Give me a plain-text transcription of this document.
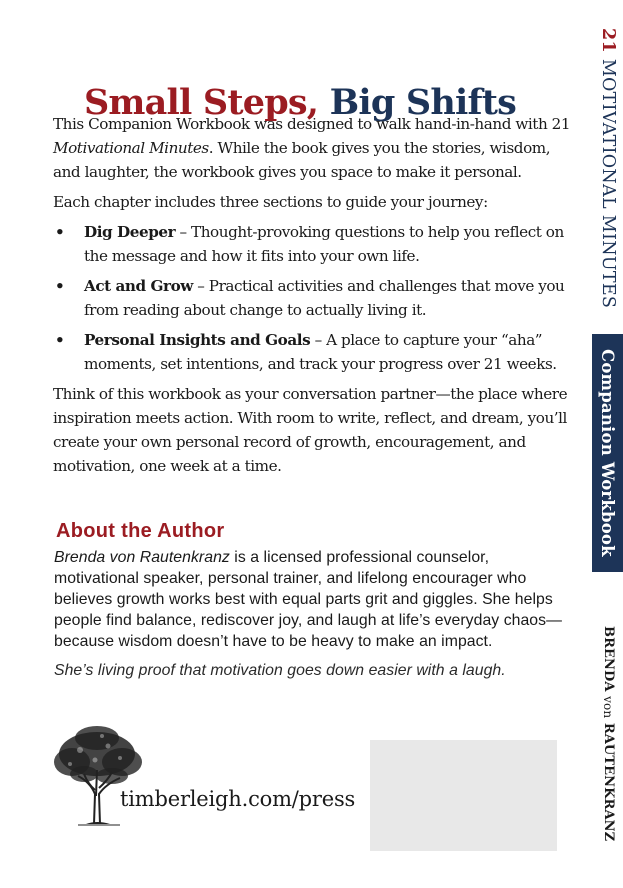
Small Steps, Big Shifts

This Companion Workbook was designed to walk hand-in-hand with 21 Motivational Minutes. While the book gives you the stories, wisdom, and laughter, the workbook gives you space to make it personal.

Each chapter includes three sections to guide your journey:

• Dig Deeper – Thought-provoking questions to help you reflect on the message and how it fits into your own life.
• Act and Grow – Practical activities and challenges that move you from reading about change to actually living it.
• Personal Insights and Goals – A place to capture your “aha” moments, set intentions, and track your progress over 21 weeks.

Think of this workbook as your conversation partner—the place where inspiration meets action. With room to write, reflect, and dream, you’ll create your own personal record of growth, encouragement, and motivation, one week at a time.

About the Author

Brenda von Rautenkranz is a licensed professional counselor, motivational speaker, personal trainer, and lifelong encourager who believes growth works best with equal parts grit and giggles. She helps people find balance, rediscover joy, and laugh at life’s everyday chaos—because wisdom doesn’t have to be heavy to make an impact.

She’s living proof that motivation goes down easier with a laugh.

timberleigh.com/press
21 MOTIVATIONAL MINUTES
Companion Workbook
BRENDA von RAUTENKRANZ
